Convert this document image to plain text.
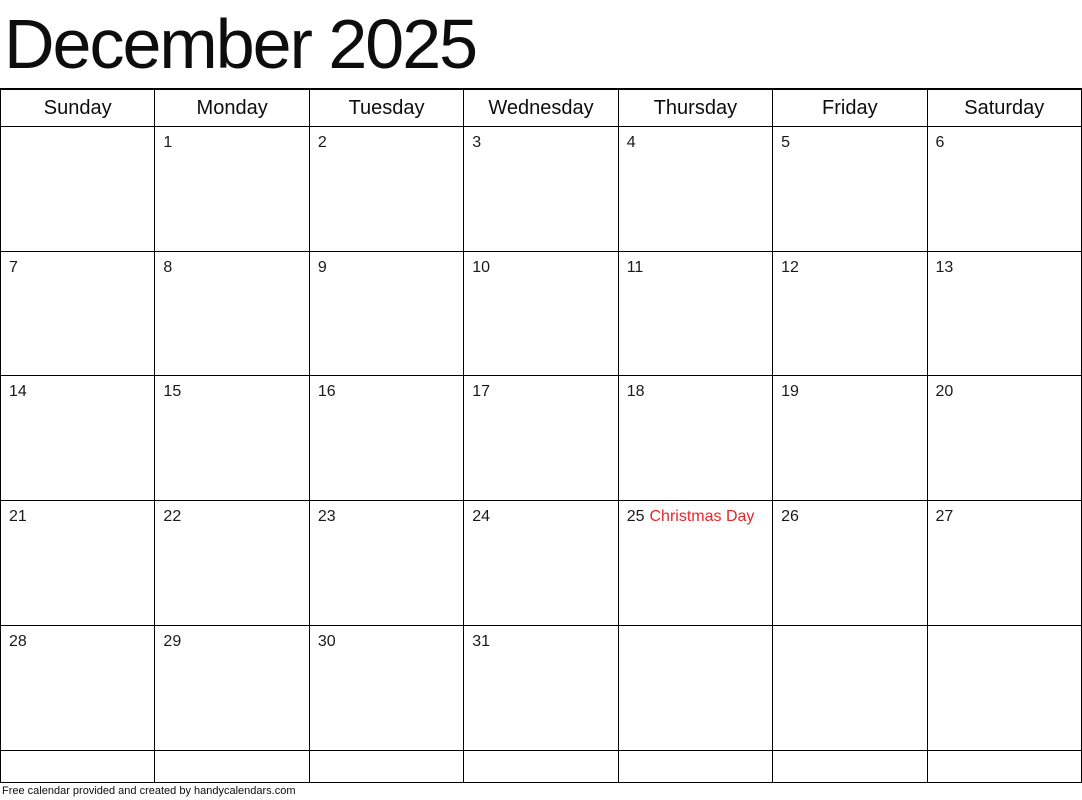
December 2025
Sunday	Monday	Tuesday	Wednesday	Thursday	Friday	Saturday
	1	2	3	4	5	6
7	8	9	10	11	12	13
14	15	16	17	18	19	20
21	22	23	24	25 Christmas Day	26	27
28	29	30	31			

Free calendar provided and created by handycalendars.com
